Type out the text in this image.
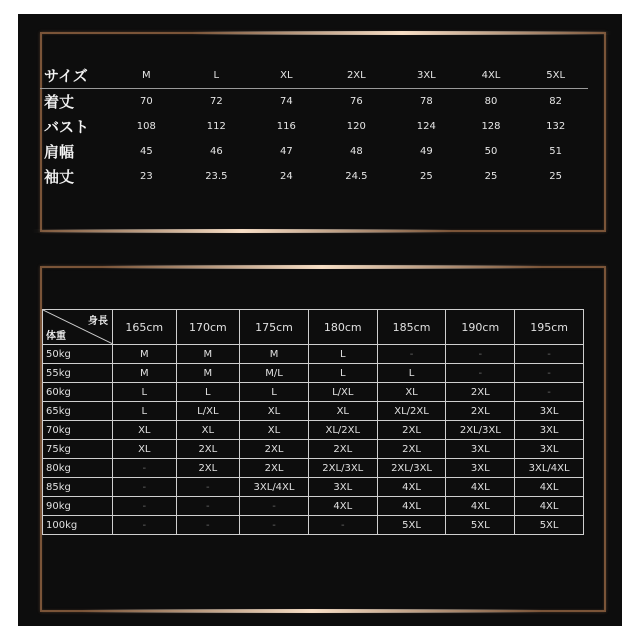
サイズ	M	L	XL	2XL	3XL	4XL	5XL
着丈	70	72	74	76	78	80	82
バスト	108	112	116	120	124	128	132
肩幅	45	46	47	48	49	50	51
袖丈	23	23.5	24	24.5	25	25	25
身長
体重	165cm	170cm	175cm	180cm	185cm	190cm	195cm
50kg	M	M	M	L	-	-	-
55kg	M	M	M/L	L	L	-	-
60kg	L	L	L	L/XL	XL	2XL	-
65kg	L	L/XL	XL	XL	XL/2XL	2XL	3XL
70kg	XL	XL	XL	XL/2XL	2XL	2XL/3XL	3XL
75kg	XL	2XL	2XL	2XL	2XL	3XL	3XL
80kg	-	2XL	2XL	2XL/3XL	2XL/3XL	3XL	3XL/4XL
85kg	-	-	3XL/4XL	3XL	4XL	4XL	4XL
90kg	-	-	-	4XL	4XL	4XL	4XL
100kg	-	-	-	-	5XL	5XL	5XL
